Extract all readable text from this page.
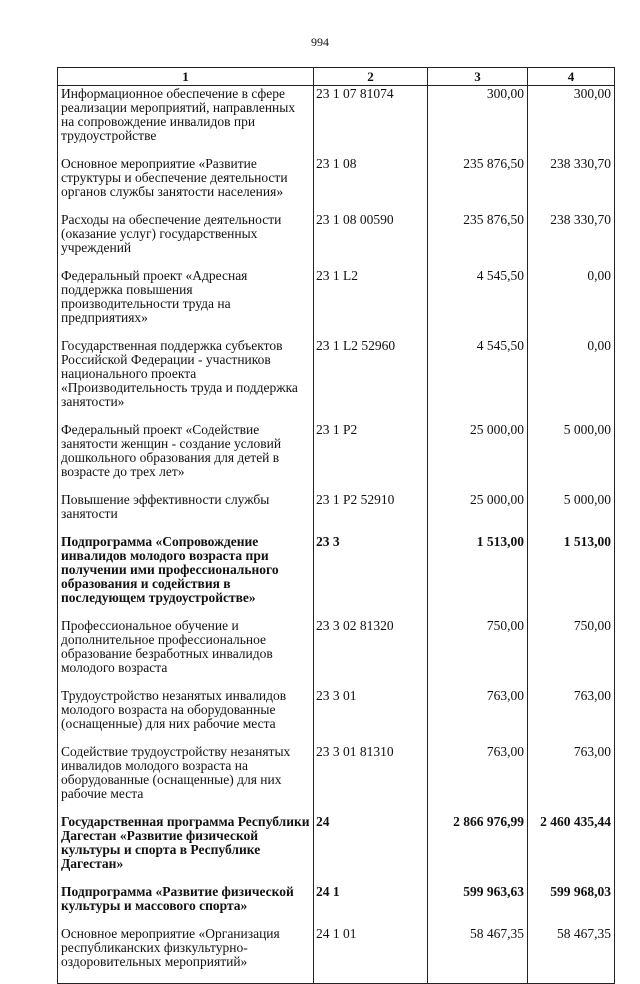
994
1	2	3	4
Информационное обеспечение в сфере реализации мероприятий, направленных на сопровождение инвалидов при трудоустройстве	23 1 07 81074	300,00	300,00
Основное мероприятие «Развитие структуры и обеспечение деятельности органов службы занятости населения»	23 1 08	235 876,50	238 330,70
Расходы на обеспечение деятельности (оказание услуг) государственных учреждений	23 1 08 00590	235 876,50	238 330,70
Федеральный проект «Адресная поддержка повышения производительности труда на предприятиях»	23 1 L2	4 545,50	0,00
Государственная поддержка субъектов Российской Федерации - участников национального проекта «Производительность труда и поддержка занятости»	23 1 L2 52960	4 545,50	0,00
Федеральный проект «Содействие занятости женщин - создание условий дошкольного образования для детей в возрасте до трех лет»	23 1 P2	25 000,00	5 000,00
Повышение эффективности службы занятости	23 1 P2 52910	25 000,00	5 000,00
Подпрограмма «Сопровождение инвалидов молодого возраста при получении ими профессионального образования и содействия в последующем трудоустройстве»	23 3	1 513,00	1 513,00
Профессиональное обучение и дополнительное профессиональное образование безработных инвалидов молодого возраста	23 3 02 81320	750,00	750,00
Трудоустройство незанятых инвалидов молодого возраста на оборудованные (оснащенные) для них рабочие места	23 3 01	763,00	763,00
Содействие трудоустройству незанятых инвалидов молодого возраста на оборудованные (оснащенные) для них рабочие места	23 3 01 81310	763,00	763,00
Государственная программа Республики Дагестан «Развитие физической культуры и спорта в Республике Дагестан»	24	2 866 976,99	2 460 435,44
Подпрограмма «Развитие физической культуры и массового спорта»	24 1	599 963,63	599 968,03
Основное мероприятие «Организация республиканских физкультурно-оздоровительных мероприятий»	24 1 01	58 467,35	58 467,35
